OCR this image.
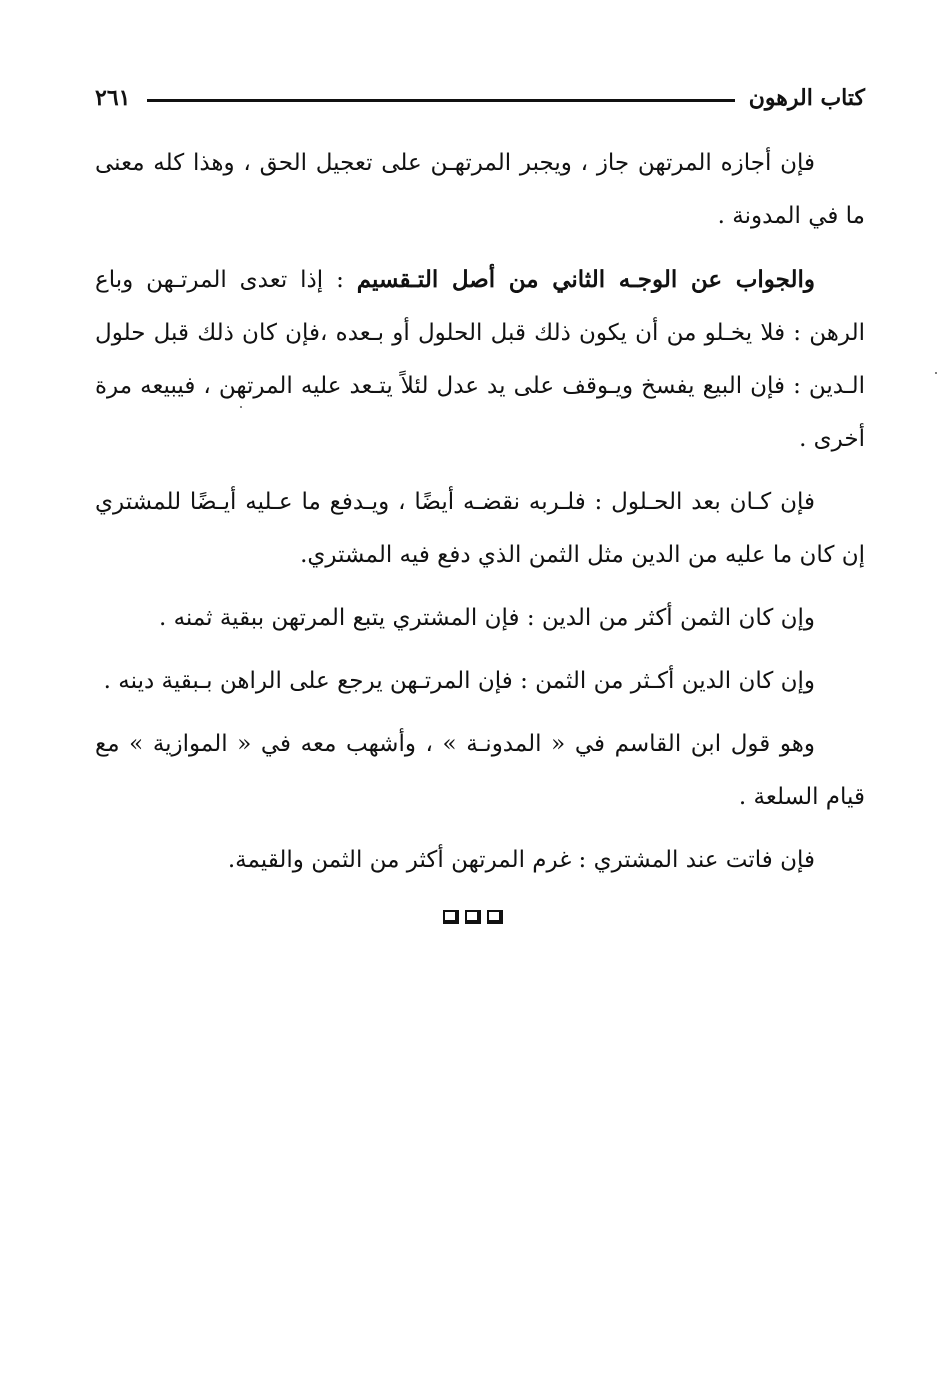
كتاب الرهون
٢٦١

فإن أجازه المرتهن جاز ، ويجبر المرتهـن على تعجيل الحق ، وهذا كله معنى ما في المدونة .

والجواب عن الوجـه الثاني من أصل التـقسيم : إذا تعدى المرتـهن وباع الرهن : فلا يخـلو من أن يكون ذلك قبل الحلول أو بـعده ،فإن كان ذلك قبل حلول الـدين : فإن البيع يفسخ ويـوقف على يد عدل لئلاً يتـعد عليه المرتهن ، فيبيعه مرة أخرى .

فإن كـان بعد الحـلول : فلـربه نقضـه أيضًا ، ويـدفع ما عـليه أيـضًا للمشتري إن كان ما عليه من الدين مثل الثمن الذي دفع فيه المشتري.

وإن كان الثمن أكثر من الدين : فإن المشتري يتبع المرتهن ببقية ثمنه .

وإن كان الدين أكـثر من الثمن : فإن المرتـهن يرجع على الراهن بـبقية دينه .

وهو قول ابن القاسم في « المدونـة » ، وأشهب معه في « الموازية » مع قيام السلعة .

فإن فاتت عند المشتري : غرم المرتهن أكثر من الثمن والقيمة.
